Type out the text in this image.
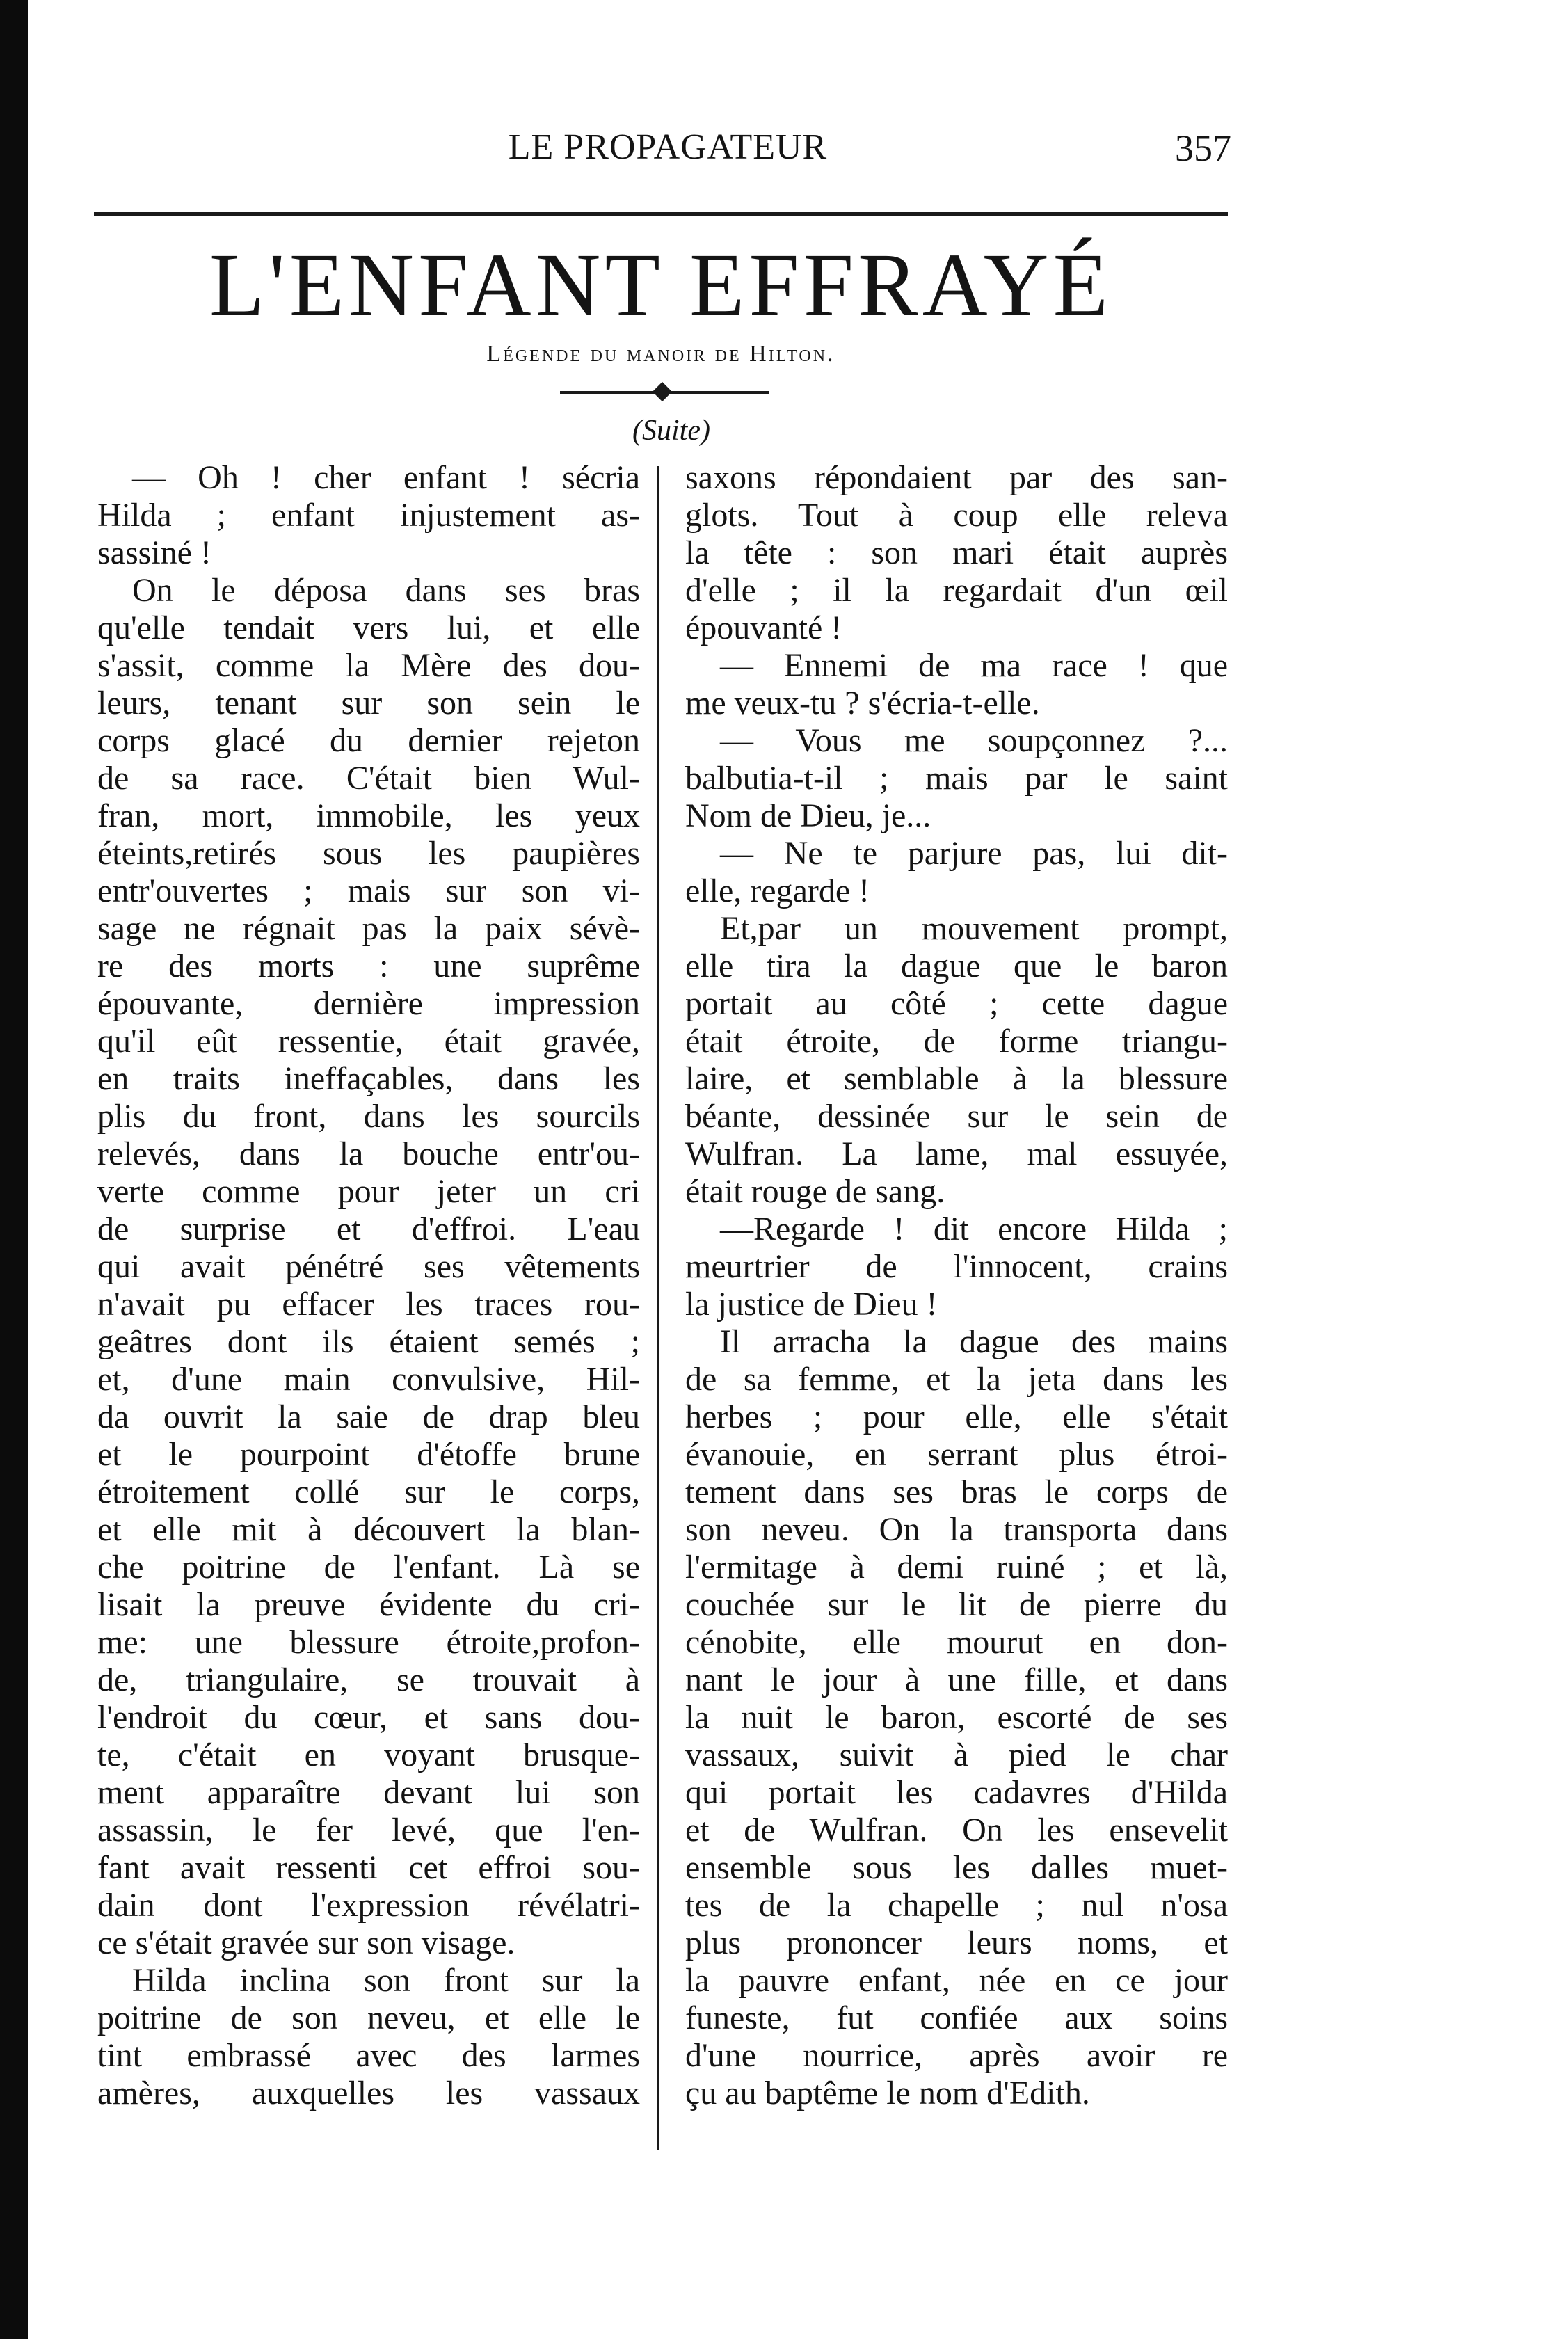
LE PROPAGATEUR	357
L'ENFANT EFFRAYÉ
Légende du manoir de Hilton.
(Suite)
— Oh ! cher enfant ! sécria
Hilda ; enfant injustement as-
sassiné !
On le déposa dans ses bras
qu'elle tendait vers lui, et elle
s'assit, comme la Mère des dou-
leurs, tenant sur son sein le
corps glacé du dernier rejeton
de sa race. C'était bien Wul-
fran, mort, immobile, les yeux
éteints,retirés sous les paupières
entr'ouvertes ; mais sur son vi-
sage ne régnait pas la paix sévè-
re des morts : une suprême
épouvante, dernière impression
qu'il eût ressentie, était gravée,
en traits ineffaçables, dans les
plis du front, dans les sourcils
relevés, dans la bouche entr'ou-
verte comme pour jeter un cri
de surprise et d'effroi. L'eau
qui avait pénétré ses vêtements
n'avait pu effacer les traces rou-
geâtres dont ils étaient semés ;
et, d'une main convulsive, Hil-
da ouvrit la saie de drap bleu
et le pourpoint d'étoffe brune
étroitement collé sur le corps,
et elle mit à découvert la blan-
che poitrine de l'enfant. Là se
lisait la preuve évidente du cri-
me: une blessure étroite,profon-
de, triangulaire, se trouvait à
l'endroit du cœur, et sans dou-
te, c'était en voyant brusque-
ment apparaître devant lui son
assassin, le fer levé, que l'en-
fant avait ressenti cet effroi sou-
dain dont l'expression révélatri-
ce s'était gravée sur son visage.
Hilda inclina son front sur la
poitrine de son neveu, et elle le
tint embrassé avec des larmes
amères, auxquelles les vassaux
saxons répondaient par des san-
glots. Tout à coup elle releva
la tête : son mari était auprès
d'elle ; il la regardait d'un œil
épouvanté !
— Ennemi de ma race ! que
me veux-tu ? s'écria-t-elle.
— Vous me soupçonnez ?...
balbutia-t-il ; mais par le saint
Nom de Dieu, je...
— Ne te parjure pas, lui dit-
elle, regarde !
Et,par un mouvement prompt,
elle tira la dague que le baron
portait au côté ; cette dague
était étroite, de forme triangu-
laire, et semblable à la blessure
béante, dessinée sur le sein de
Wulfran. La lame, mal essuyée,
était rouge de sang.
—Regarde ! dit encore Hilda ;
meurtrier de l'innocent, crains
la justice de Dieu !
Il arracha la dague des mains
de sa femme, et la jeta dans les
herbes ; pour elle, elle s'était
évanouie, en serrant plus étroi-
tement dans ses bras le corps de
son neveu. On la transporta dans
l'ermitage à demi ruiné ; et là,
couchée sur le lit de pierre du
cénobite, elle mourut en don-
nant le jour à une fille, et dans
la nuit le baron, escorté de ses
vassaux, suivit à pied le char
qui portait les cadavres d'Hilda
et de Wulfran. On les ensevelit
ensemble sous les dalles muet-
tes de la chapelle ; nul n'osa
plus prononcer leurs noms, et
la pauvre enfant, née en ce jour
funeste, fut confiée aux soins
d'une nourrice, après avoir re
çu au baptême le nom d'Edith.
